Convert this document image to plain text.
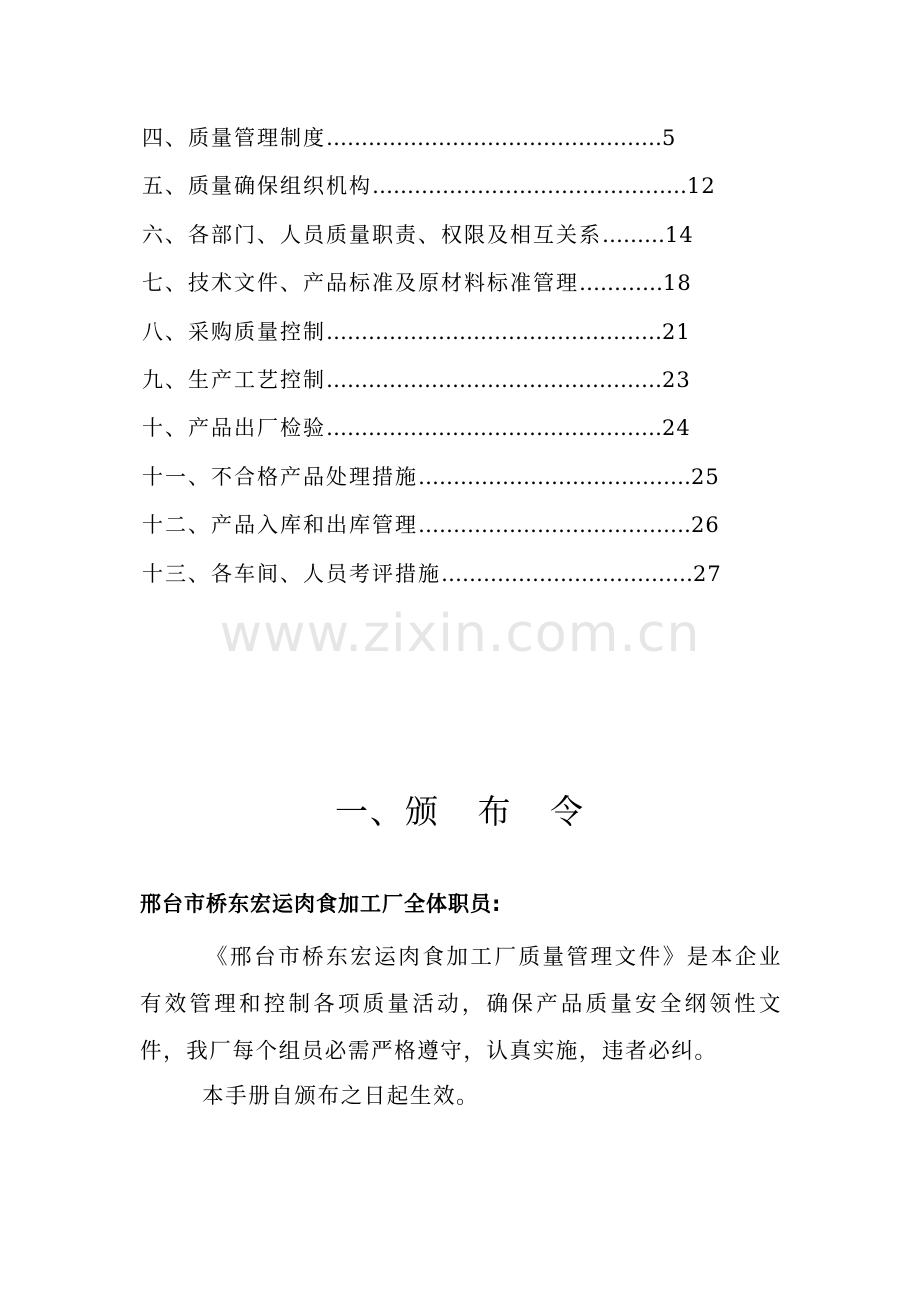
四、质量管理制度…………………………………………5
五、质量确保组织机构………………………………………12
六、各部门、人员质量职责、权限及相互关系………14
七、技术文件、产品标准及原材料标准管理…………18
八、采购质量控制…………………………………………21
九、生产工艺控制…………………………………………23
十、产品出厂检验…………………………………………24
十一、不合格产品处理措施…………………………………25
十二、产品入库和出库管理…………………………………26
十三、各车间、人员考评措施………………………………27
www.zixin.com.cn
一、颁   布   令
邢台市桥东宏运肉食加工厂全体职员:
《邢台市桥东宏运肉食加工厂质量管理文件》是本企业有效管理和控制各项质量活动，确保产品质量安全纲领性文件，我厂每个组员必需严格遵守，认真实施，违者必纠。
本手册自颁布之日起生效。
